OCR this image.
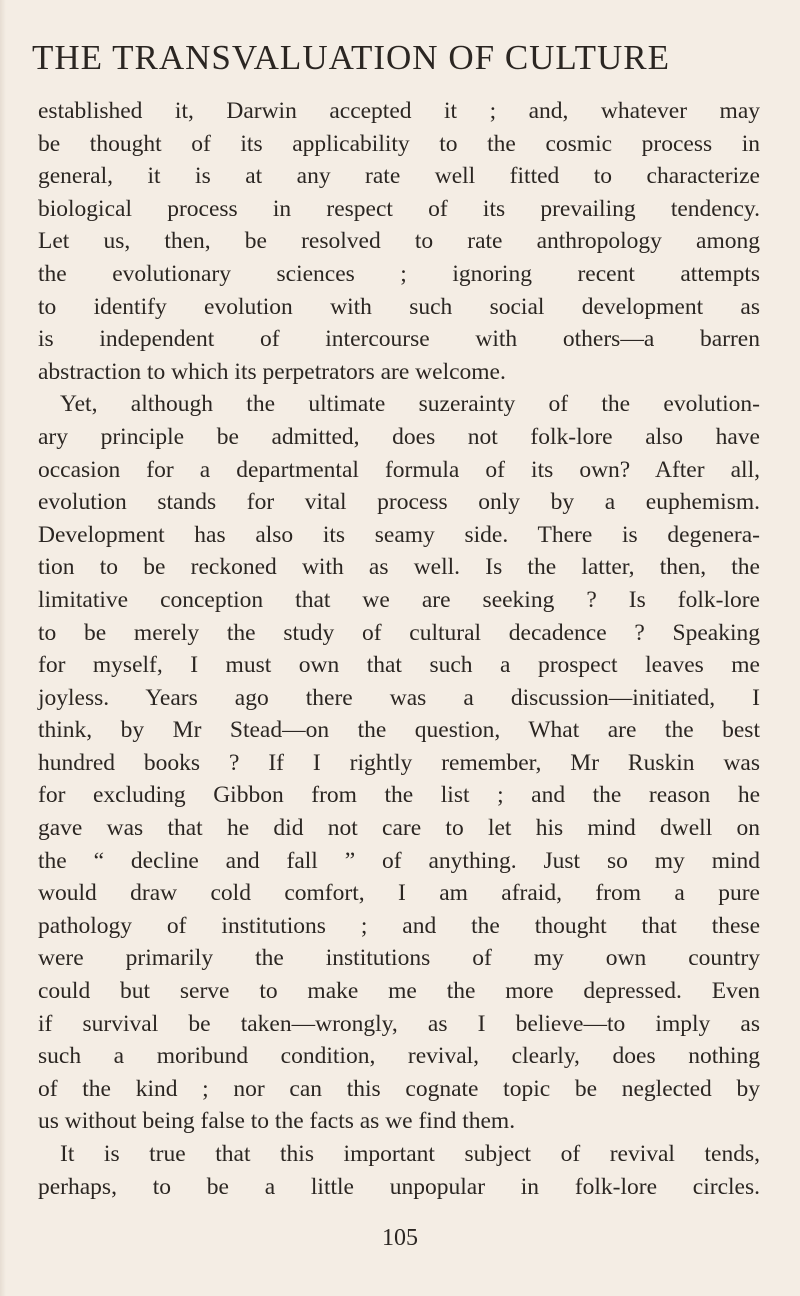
THE TRANSVALUATION OF CULTURE
established it, Darwin accepted it ; and, whatever may
be thought of its applicability to the cosmic process in
general, it is at any rate well fitted to characterize
biological process in respect of its prevailing tendency.
Let us, then, be resolved to rate anthropology among
the evolutionary sciences ; ignoring recent attempts
to identify evolution with such social development as
is independent of intercourse with others—a barren
abstraction to which its perpetrators are welcome.
Yet, although the ultimate suzerainty of the evolution-
ary principle be admitted, does not folk-lore also have
occasion for a departmental formula of its own? After all,
evolution stands for vital process only by a euphemism.
Development has also its seamy side. There is degenera-
tion to be reckoned with as well. Is the latter, then, the
limitative conception that we are seeking ? Is folk-lore
to be merely the study of cultural decadence ? Speaking
for myself, I must own that such a prospect leaves me
joyless. Years ago there was a discussion—initiated, I
think, by Mr Stead—on the question, What are the best
hundred books ? If I rightly remember, Mr Ruskin was
for excluding Gibbon from the list ; and the reason he
gave was that he did not care to let his mind dwell on
the “ decline and fall ” of anything. Just so my mind
would draw cold comfort, I am afraid, from a pure
pathology of institutions ; and the thought that these
were primarily the institutions of my own country
could but serve to make me the more depressed. Even
if survival be taken—wrongly, as I believe—to imply as
such a moribund condition, revival, clearly, does nothing
of the kind ; nor can this cognate topic be neglected by
us without being false to the facts as we find them.
It is true that this important subject of revival tends,
perhaps, to be a little unpopular in folk-lore circles.
105
